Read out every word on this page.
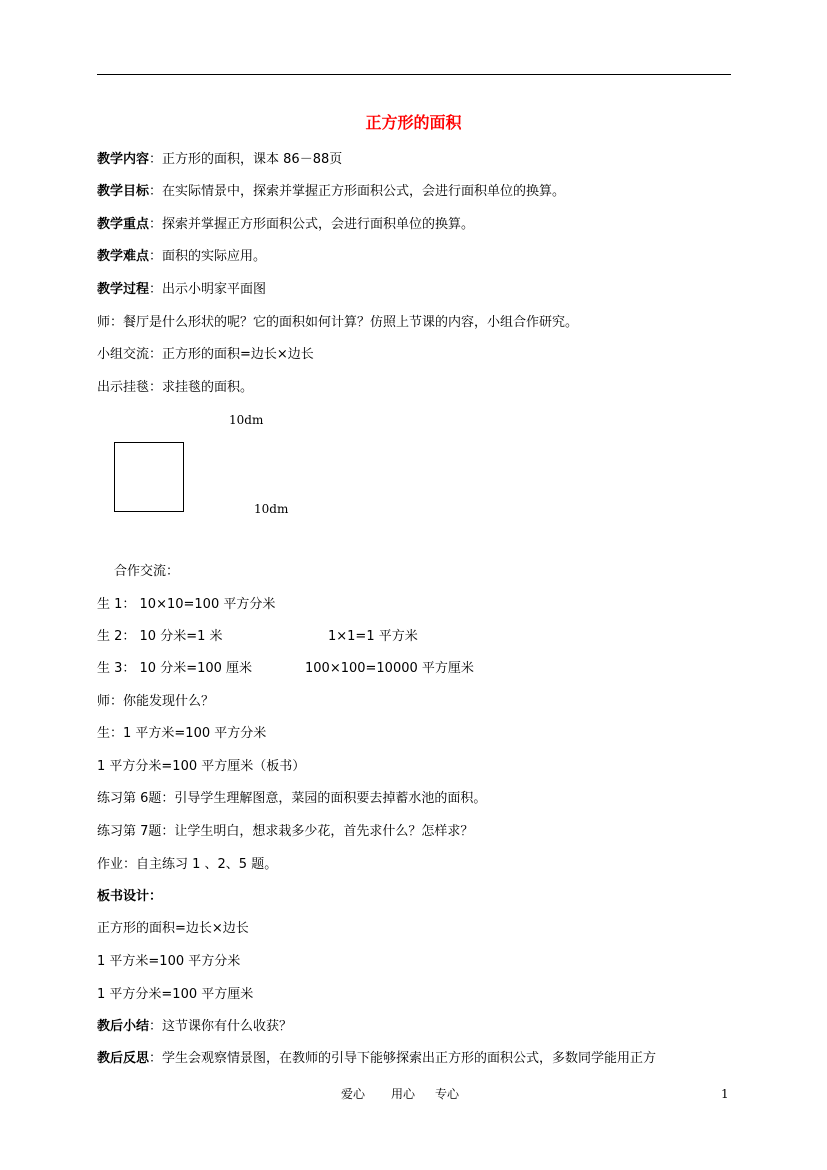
正方形的面积
教学内容：正方形的面积，课本 86－88页
教学目标：在实际情景中，探索并掌握正方形面积公式，会进行面积单位的换算。
教学重点：探索并掌握正方形面积公式，会进行面积单位的换算。
教学难点：面积的实际应用。
教学过程：出示小明家平面图
师：餐厅是什么形状的呢？它的面积如何计算？仿照上节课的内容，小组合作研究。
小组交流：正方形的面积=边长×边长
出示挂毯：求挂毯的面积。
10dm
10dm
合作交流：
生 1： 10×10=100 平方分米
生 2： 10 分米=1 米	1×1=1 平方米
生 3： 10 分米=100 厘米	100×100=10000 平方厘米
师：你能发现什么？
生：1 平方米=100 平方分米
1 平方分米=100 平方厘米（板书）
练习第 6题：引导学生理解图意，菜园的面积要去掉蓄水池的面积。
练习第 7题：让学生明白，想求栽多少花，首先求什么？怎样求？
作业：自主练习 1 、2、5 题。
板书设计：
正方形的面积=边长×边长
1 平方米=100 平方分米
1 平方分米=100 平方厘米
教后小结：这节课你有什么收获？
教后反思：学生会观察情景图，在教师的引导下能够探索出正方形的面积公式，多数同学能用正方
爱心 用心 专心	1
